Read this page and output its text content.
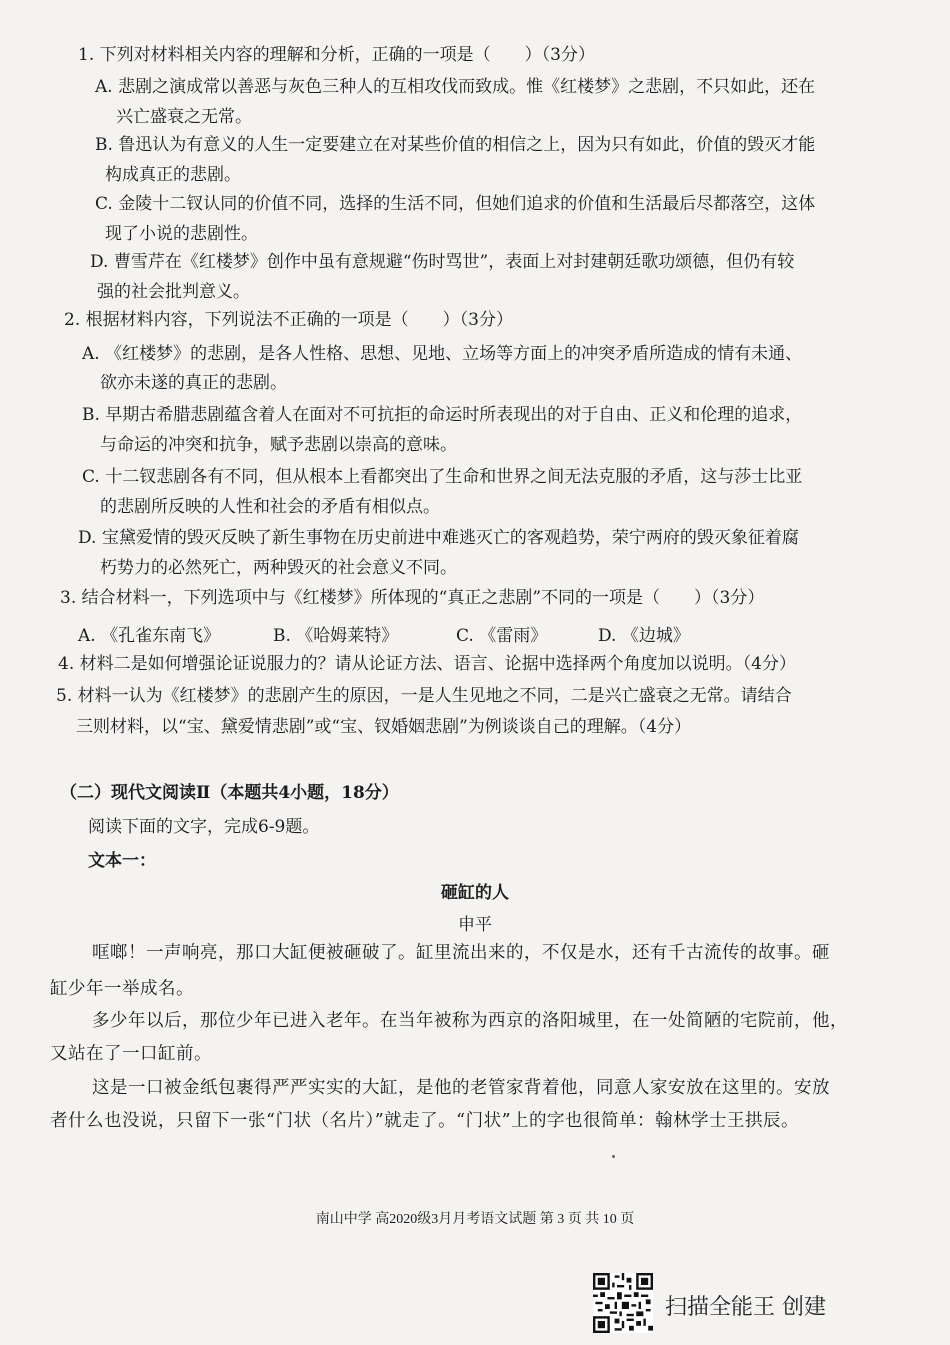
1. 下列对材料相关内容的理解和分析，正确的一项是（　　）（3分）
A. 悲剧之演成常以善恶与灰色三种人的互相攻伐而致成。惟《红楼梦》之悲剧，不只如此，还在
兴亡盛衰之无常。
B. 鲁迅认为有意义的人生一定要建立在对某些价值的相信之上，因为只有如此，价值的毁灭才能
构成真正的悲剧。
C. 金陵十二钗认同的价值不同，选择的生活不同，但她们追求的价值和生活最后尽都落空，这体
现了小说的悲剧性。
D. 曹雪芹在《红楼梦》创作中虽有意规避“伤时骂世”，表面上对封建朝廷歌功颂德，但仍有较
强的社会批判意义。
2. 根据材料内容，下列说法不正确的一项是（　　）（3分）
A. 《红楼梦》的悲剧，是各人性格、思想、见地、立场等方面上的冲突矛盾所造成的情有未通、
欲亦未遂的真正的悲剧。
B. 早期古希腊悲剧蕴含着人在面对不可抗拒的命运时所表现出的对于自由、正义和伦理的追求，
与命运的冲突和抗争，赋予悲剧以崇高的意味。
C. 十二钗悲剧各有不同，但从根本上看都突出了生命和世界之间无法克服的矛盾，这与莎士比亚
的悲剧所反映的人性和社会的矛盾有相似点。
D. 宝黛爱情的毁灭反映了新生事物在历史前进中难逃灭亡的客观趋势，荣宁两府的毁灭象征着腐
朽势力的必然死亡，两种毁灭的社会意义不同。
3. 结合材料一，下列选项中与《红楼梦》所体现的“真正之悲剧”不同的一项是（　　）（3分）
A. 《孔雀东南飞》	B. 《哈姆莱特》	C. 《雷雨》	D. 《边城》
4. 材料二是如何增强论证说服力的？请从论证方法、语言、论据中选择两个角度加以说明。（4分）
5. 材料一认为《红楼梦》的悲剧产生的原因，一是人生见地之不同，二是兴亡盛衰之无常。请结合
三则材料，以“宝、黛爱情悲剧”或“宝、钗婚姻悲剧”为例谈谈自己的理解。（4分）
（二）现代文阅读Ⅱ（本题共4小题，18分）
阅读下面的文字，完成6-9题。
文本一：
砸缸的人
申平
哐啷！一声响亮，那口大缸便被砸破了。缸里流出来的，不仅是水，还有千古流传的故事。砸
缸少年一举成名。
多少年以后，那位少年已进入老年。在当年被称为西京的洛阳城里，在一处简陋的宅院前，他，
又站在了一口缸前。
这是一口被金纸包裹得严严实实的大缸，是他的老管家背着他，同意人家安放在这里的。安放
者什么也没说，只留下一张“门状（名片）”就走了。“门状”上的字也很简单：翰林学士王拱辰。
南山中学 高2020级3月月考语文试题 第 3 页 共 10 页
扫描全能王 创建
